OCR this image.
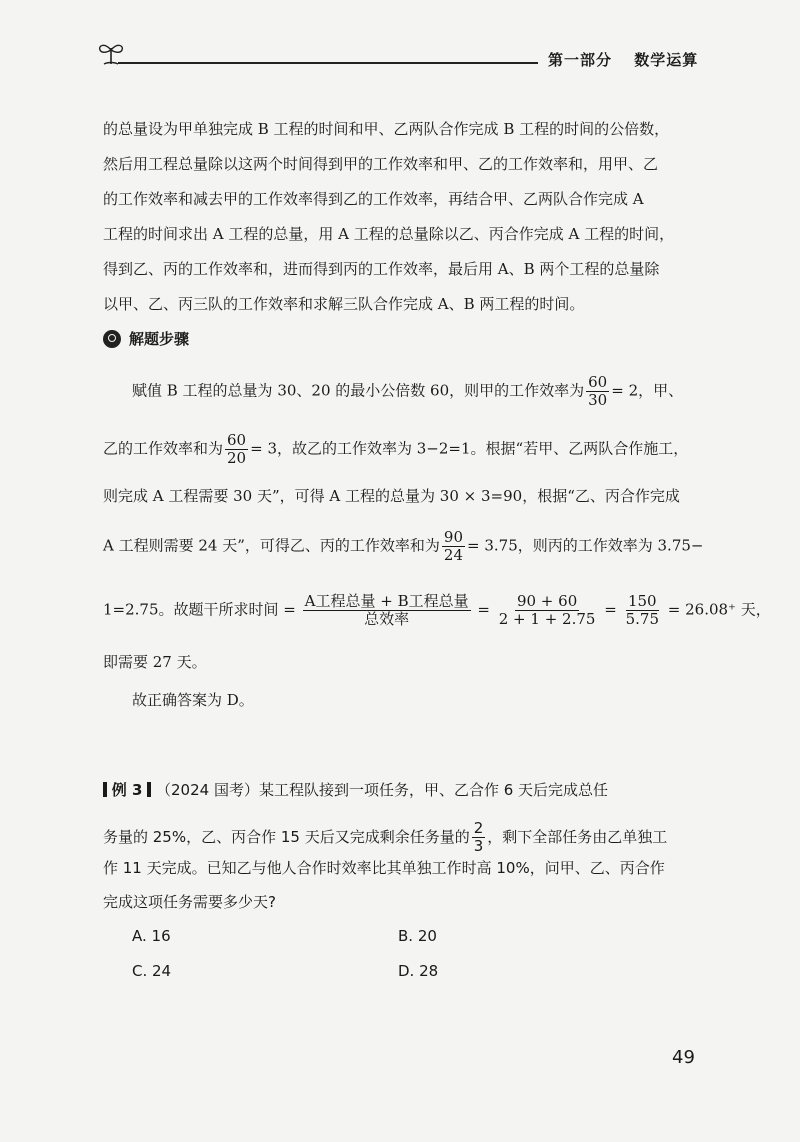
第一部分 数学运算
的总量设为甲单独完成 B 工程的时间和甲、乙两队合作完成 B 工程的时间的公倍数，
然后用工程总量除以这两个时间得到甲的工作效率和甲、乙的工作效率和，用甲、乙
的工作效率和减去甲的工作效率得到乙的工作效率，再结合甲、乙两队合作完成 A
工程的时间求出 A 工程的总量，用 A 工程的总量除以乙、丙合作完成 A 工程的时间，
得到乙、丙的工作效率和，进而得到丙的工作效率，最后用 A、B 两个工程的总量除
以甲、乙、丙三队的工作效率和求解三队合作完成 A、B 两工程的时间。
解题步骤
赋值 B 工程的总量为 30、20 的最小公倍数 60，则甲的工作效率为 $\frac{60}{30} = 2$，甲、
乙的工作效率和为 $\frac{60}{20} = 3$，故乙的工作效率为 3−2=1。根据“若甲、乙两队合作施工，
则完成 A 工程需要 30 天”，可得 A 工程的总量为 30 × 3=90，根据“乙、丙合作完成
A 工程则需要 24 天”，可得乙、丙的工作效率和为 $\frac{90}{24} = 3.75$，则丙的工作效率为 3.75−
1=2.75。故题干所求时间 = $\frac{\text{A工程总量 + B工程总量}}{\text{总效率}} = \frac{90 + 60}{2 + 1 + 2.75} = \frac{150}{5.75} = 26.08^+$ 天，
即需要 27 天。
故正确答案为 D。
例 3 （2024 国考）某工程队接到一项任务，甲、乙合作 6 天后完成总任
务量的 25%，乙、丙合作 15 天后又完成剩余任务量的 $\frac{2}{3}$ ，剩下全部任务由乙单独工
作 11 天完成。已知乙与他人合作时效率比其单独工作时高 10%，问甲、乙、丙合作
完成这项任务需要多少天?
A. 16	B. 20
C. 24	D. 28
49
